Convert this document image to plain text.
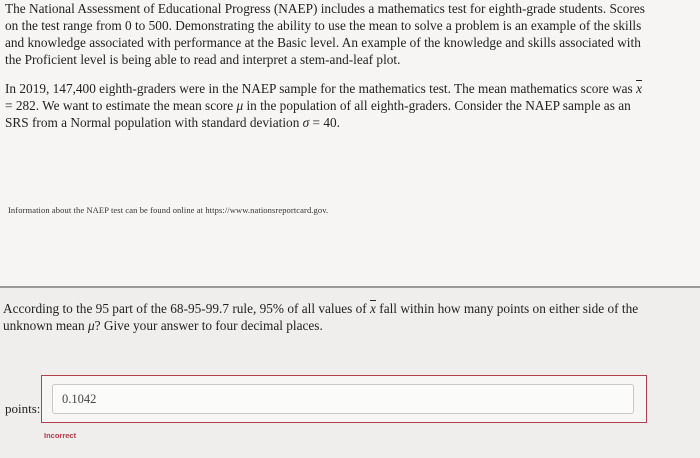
The National Assessment of Educational Progress (NAEP) includes a mathematics test for eighth-grade students. Scores on the test range from 0 to 500. Demonstrating the ability to use the mean to solve a problem is an example of the skills and knowledge associated with performance at the Basic level. An example of the knowledge and skills associated with the Proficient level is being able to read and interpret a stem-and-leaf plot.

In 2019, 147,400 eighth-graders were in the NAEP sample for the mathematics test. The mean mathematics score was $\overline{x} = 282$. We want to estimate the mean score μ in the population of all eighth-graders. Consider the NAEP sample as an SRS from a Normal population with standard deviation σ = 40.

Information about the NAEP test can be found online at https://www.nationsreportcard.gov.

According to the 95 part of the 68-95-99.7 rule, 95% of all values of $\overline{x}$ fall within how many points on either side of the unknown mean μ? Give your answer to four decimal places.

points:
0.1042
Incorrect
